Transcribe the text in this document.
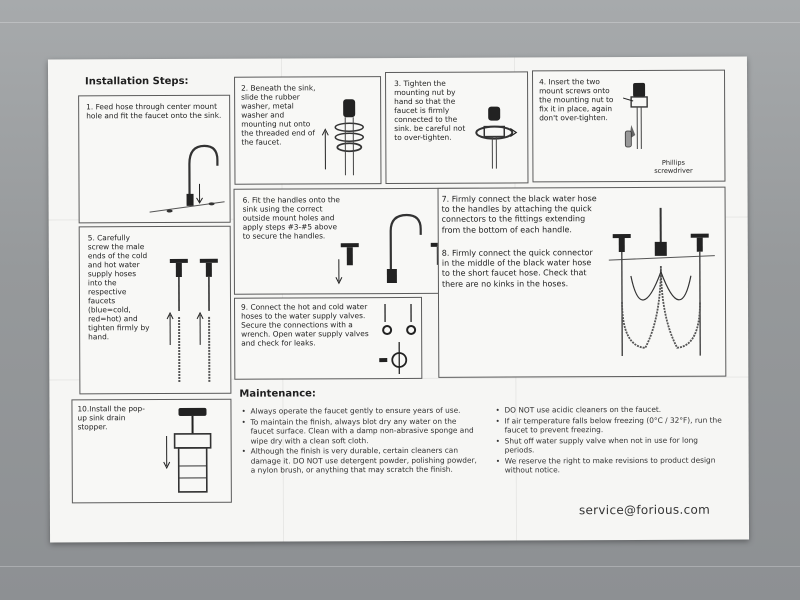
Installation Steps:
1. Feed hose through center mount hole and fit the faucet onto the sink.
2. Beneath the sink, slide the rubber washer, metal washer and mounting nut onto the threaded end of the faucet.
3. Tighten the mounting nut by hand so that the faucet is firmly connected to the sink. be careful not to over-tighten.
4. Insert the two mount screws onto the mounting nut to fix it in place, again don't over-tighten.
Phillips
screwdriver
5. Carefully screw the male ends of the cold and hot water supply hoses into the respective faucets (blue=cold, red=hot) and tighten firmly by hand.
6. Fit the handles onto the sink using the correct outside mount holes and apply steps #3-#5 above to secure the handles.
7. Firmly connect the black water hose to the handles by attaching the quick connectors to the fittings extending from the bottom of each handle.
8. Firmly connect the quick connector in the middle of the black water hose to the short faucet hose. Check that there are no kinks in the hoses.
9. Connect the hot and cold water hoses to the water supply valves. Secure the connections with a wrench. Open water supply valves and check for leaks.
10.Install the pop-up sink drain stopper.
Maintenance:
• Always operate the faucet gently to ensure years of use.
• To maintain the finish, always blot dry any water on the faucet surface. Clean with a damp non-abrasive sponge and wipe dry with a clean soft cloth.
• Although the finish is very durable, certain cleaners can damage it. DO NOT use detergent powder, polishing powder, a nylon brush, or anything that may scratch the finish.
• DO NOT use acidic cleaners on the faucet.
• If air temperature falls below freezing (0°C / 32°F), run the faucet to prevent freezing.
• Shut off water supply valve when not in use for long periods.
• We reserve the right to make revisions to product design without notice.
service@forious.com
